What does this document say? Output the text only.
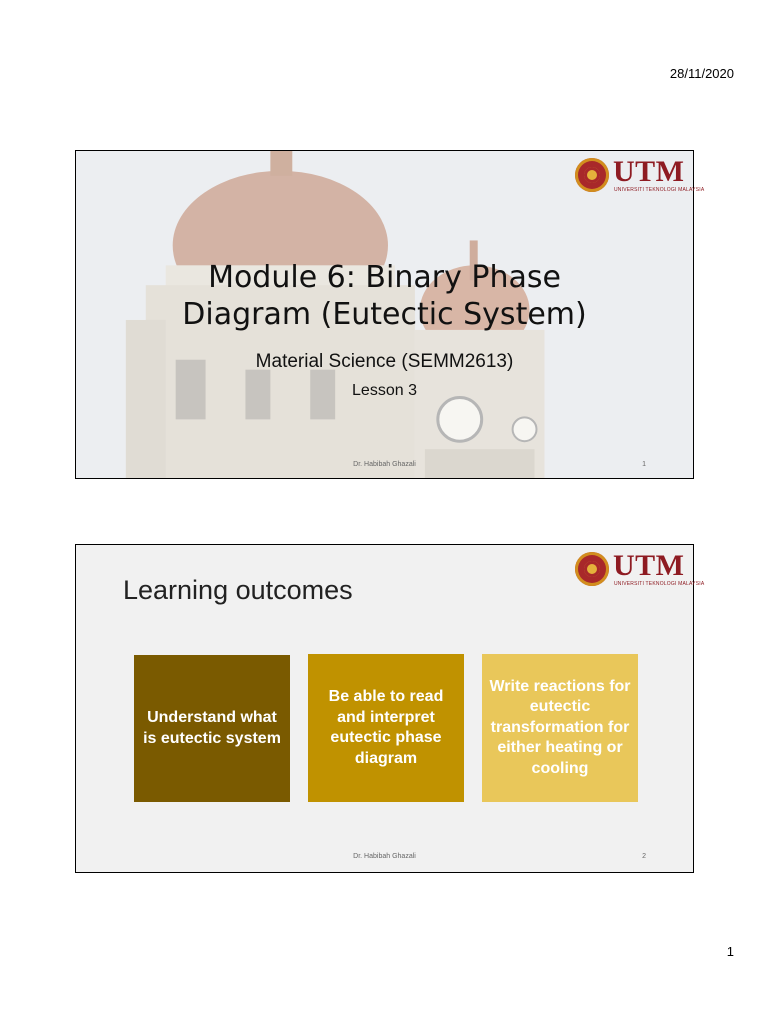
28/11/2020
UTM
UNIVERSITI TEKNOLOGI MALAYSIA
Module 6: Binary Phase
Diagram (Eutectic System)
Material Science (SEMM2613)
Lesson 3
Dr. Habibah Ghazali	1
UTM
UNIVERSITI TEKNOLOGI MALAYSIA
Learning outcomes
Understand what is eutectic system
Be able to read and interpret eutectic phase diagram
Write reactions for eutectic transformation for either heating or cooling
Dr. Habibah Ghazali	2
1
